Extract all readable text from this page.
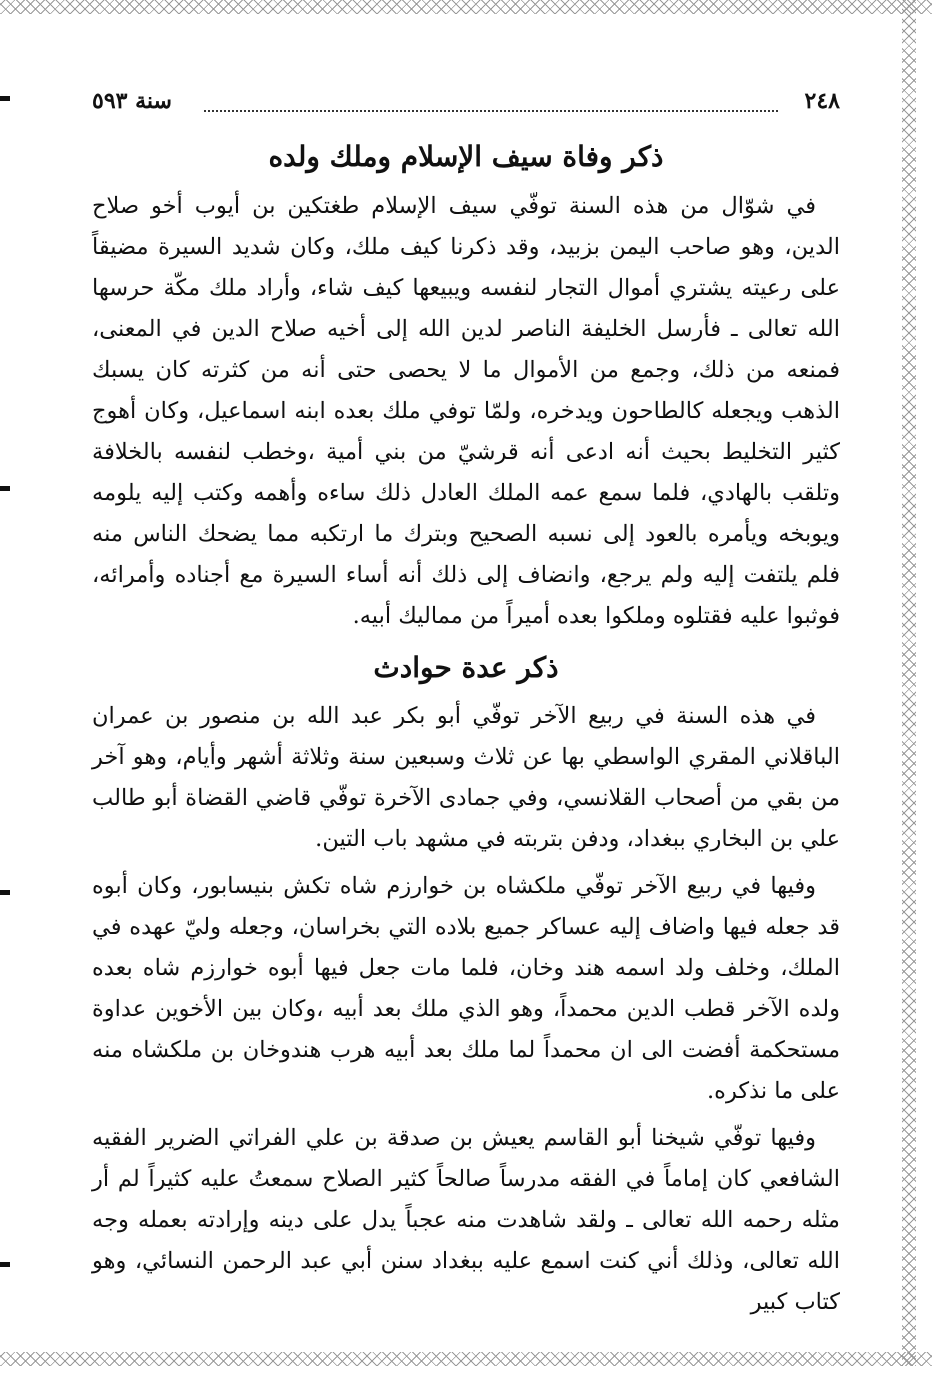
٢٤٨
سنة ٥٩٣
ذكر وفاة سيف الإسلام وملك ولده

في شوّال من هذه السنة توفّي سيف الإسلام طغتكين بن أيوب أخو صلاح الدين، وهو صاحب اليمن بزبيد، وقد ذكرنا كيف ملك، وكان شديد السيرة مضيقاً على رعيته يشتري أموال التجار لنفسه ويبيعها كيف شاء، وأراد ملك مكّة حرسها الله تعالى ـ فأرسل الخليفة الناصر لدين الله إلى أخيه صلاح الدين في المعنى، فمنعه من ذلك، وجمع من الأموال ما لا يحصى حتى أنه من كثرته كان يسبك الذهب ويجعله كالطاحون ويدخره، ولمّا توفي ملك بعده ابنه اسماعيل، وكان أهوج كثير التخليط بحيث أنه ادعى أنه قرشيّ من بني أمية ،وخطب لنفسه بالخلافة وتلقب بالهادي، فلما سمع عمه الملك العادل ذلك ساءه وأهمه وكتب إليه يلومه ويوبخه ويأمره بالعود إلى نسبه الصحيح وبترك ما ارتكبه مما يضحك الناس منه فلم يلتفت إليه ولم يرجع، وانضاف إلى ذلك أنه أساء السيرة مع أجناده وأمرائه، فوثبوا عليه فقتلوه وملكوا بعده أميراً من مماليك أبيه.

ذكر عدة حوادث

في هذه السنة في ربيع الآخر توفّي أبو بكر عبد الله بن منصور بن عمران الباقلاني المقري الواسطي بها عن ثلاث وسبعين سنة وثلاثة أشهر وأيام، وهو آخر من بقي من أصحاب القلانسي، وفي جمادى الآخرة توفّي قاضي القضاة أبو طالب علي بن البخاري ببغداد، ودفن بتربته في مشهد باب التين.

وفيها في ربيع الآخر توفّي ملكشاه بن خوارزم شاه تكش بنيسابور، وكان أبوه قد جعله فيها واضاف إليه عساكر جميع بلاده التي بخراسان، وجعله وليّ عهده في الملك، وخلف ولد اسمه هند وخان، فلما مات جعل فيها أبوه خوارزم شاه بعده ولده الآخر قطب الدين محمداً، وهو الذي ملك بعد أبيه ،وكان بين الأخوين عداوة مستحكمة أفضت الى ان محمداً لما ملك بعد أبيه هرب هندوخان بن ملكشاه منه على ما نذكره.

وفيها توفّي شيخنا أبو القاسم يعيش بن صدقة بن علي الفراتي الضرير الفقيه الشافعي كان إماماً في الفقه مدرساً صالحاً كثير الصلاح سمعتُ عليه كثيراً لم أر مثله رحمه الله تعالى ـ ولقد شاهدت منه عجباً يدل على دينه وإرادته بعمله وجه الله تعالى، وذلك أني كنت اسمع عليه ببغداد سنن أبي عبد الرحمن النسائي، وهو كتاب كبير
